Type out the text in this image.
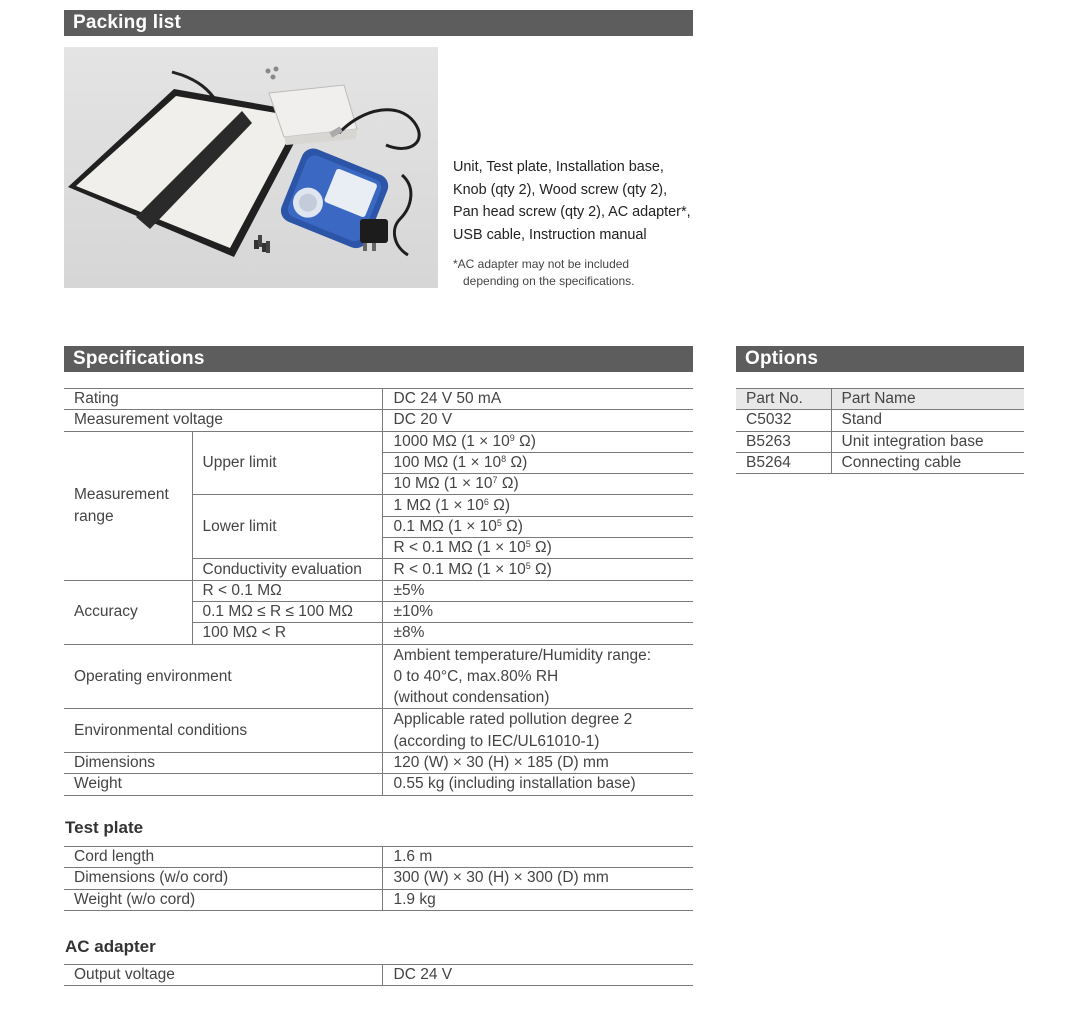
Packing list
Unit, Test plate, Installation base,
Knob (qty 2), Wood screw (qty 2),
Pan head screw (qty 2), AC adapter*,
USB cable, Instruction manual
*AC adapter may not be included
depending on the specifications.
Specifications
Rating		DC 24 V 50 mA
Measurement voltage		DC 20 V

Measurement
range	Upper limit	1000 MΩ ($1 \times 10^9$ Ω)
		100 MΩ ($1 \times 10^8$ Ω)
		10 MΩ ($1 \times 10^7$ Ω)
	Lower limit	1 MΩ ($1 \times 10^6$ Ω)
		0.1 MΩ ($1 \times 10^5$ Ω)
		R < 0.1 MΩ ($1 \times 10^5$ Ω)
	Conductivity evaluation	R < 0.1 MΩ ($1 \times 10^5$ Ω)
Accuracy	R < 0.1 MΩ	±5%
	0.1 MΩ ≤ R ≤ 100 MΩ	±10%
	100 MΩ < R	±8%
Operating environment		Ambient temperature/Humidity range:
0 to 40°C, max.80% RH
(without condensation)

Environmental conditions		Applicable rated pollution degree 2
(according to IEC/UL61010-1)

Dimensions		120 (W) × 30 (H) × 185 (D) mm
Weight		0.55 kg (including installation base)
Test plate
Cord length	1.6 m
Dimensions (w/o cord)	300 (W) × 30 (H) × 300 (D) mm
Weight (w/o cord)	1.9 kg
AC adapter
Output voltage	DC 24 V
Options
Part No.	Part Name
C5032	Stand
B5263	Unit integration base
B5264	Connecting cable
